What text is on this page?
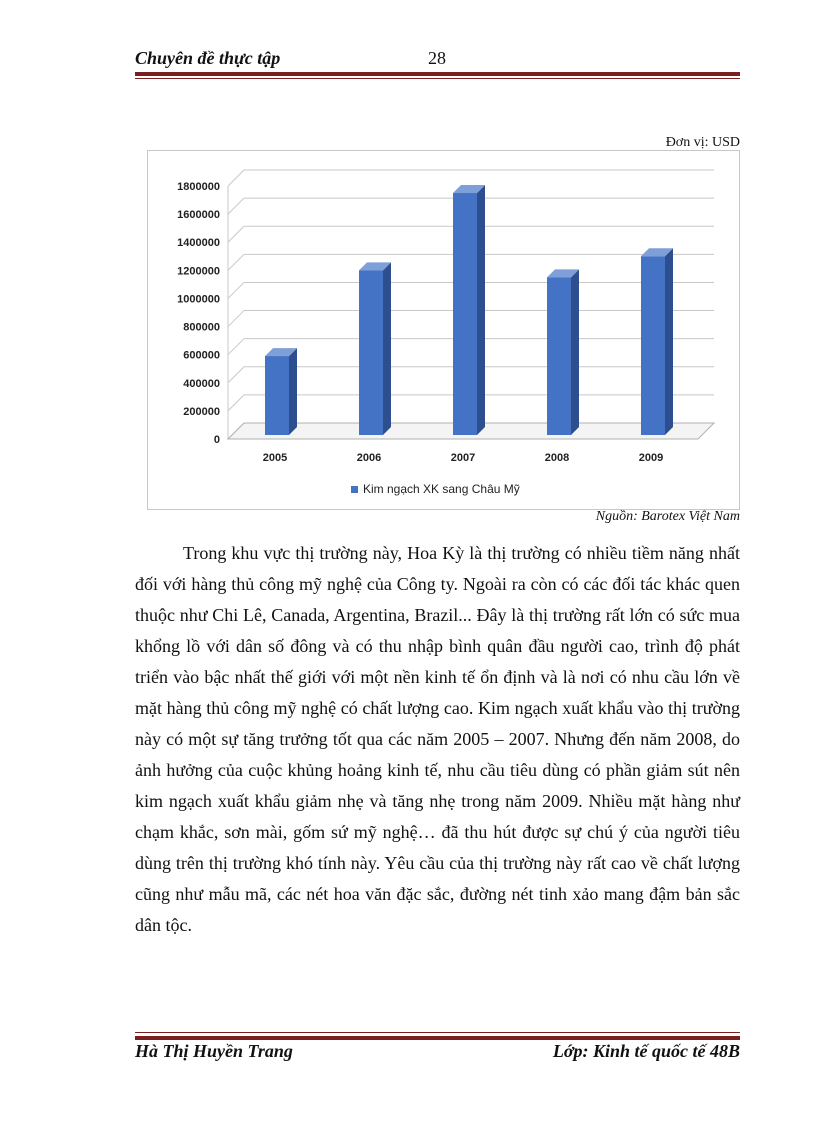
Chuyên đề thực tập	28
Đơn vị: USD
0
200000
400000
600000
800000
1000000
1200000
1400000
1600000
1800000
2005	2006	2007	2008	2009
Kim ngạch XK sang Châu Mỹ
Nguồn: Barotex Việt Nam

Trong khu vực thị trường này, Hoa Kỳ là thị trường có nhiều tiềm năng nhất đối với hàng thủ công mỹ nghệ của Công ty. Ngoài ra còn có các đối tác khác quen thuộc như Chi Lê, Canada, Argentina, Brazil... Đây là thị trường rất lớn có sức mua khổng lồ với dân số đông và có thu nhập bình quân đầu người cao, trình độ phát triển vào bậc nhất thế giới với một nền kinh tế ổn định và là nơi có nhu cầu lớn về mặt hàng thủ công mỹ nghệ có chất lượng cao. Kim ngạch xuất khẩu vào thị trường này có một sự tăng trưởng tốt qua các năm 2005 – 2007. Nhưng đến năm 2008, do ảnh hưởng của cuộc khủng hoảng kinh tế, nhu cầu tiêu dùng có phần giảm sút nên kim ngạch xuất khẩu giảm nhẹ và tăng nhẹ trong năm 2009. Nhiều mặt hàng như chạm khắc, sơn mài, gốm sứ mỹ nghệ… đã thu hút được sự chú ý của người tiêu dùng trên thị trường khó tính này. Yêu cầu của thị trường này rất cao về chất lượng cũng như mẫu mã, các nét hoa văn đặc sắc, đường nét tinh xảo mang đậm bản sắc dân tộc.

Hà Thị Huyền Trang	Lớp: Kinh tế quốc tế 48B
